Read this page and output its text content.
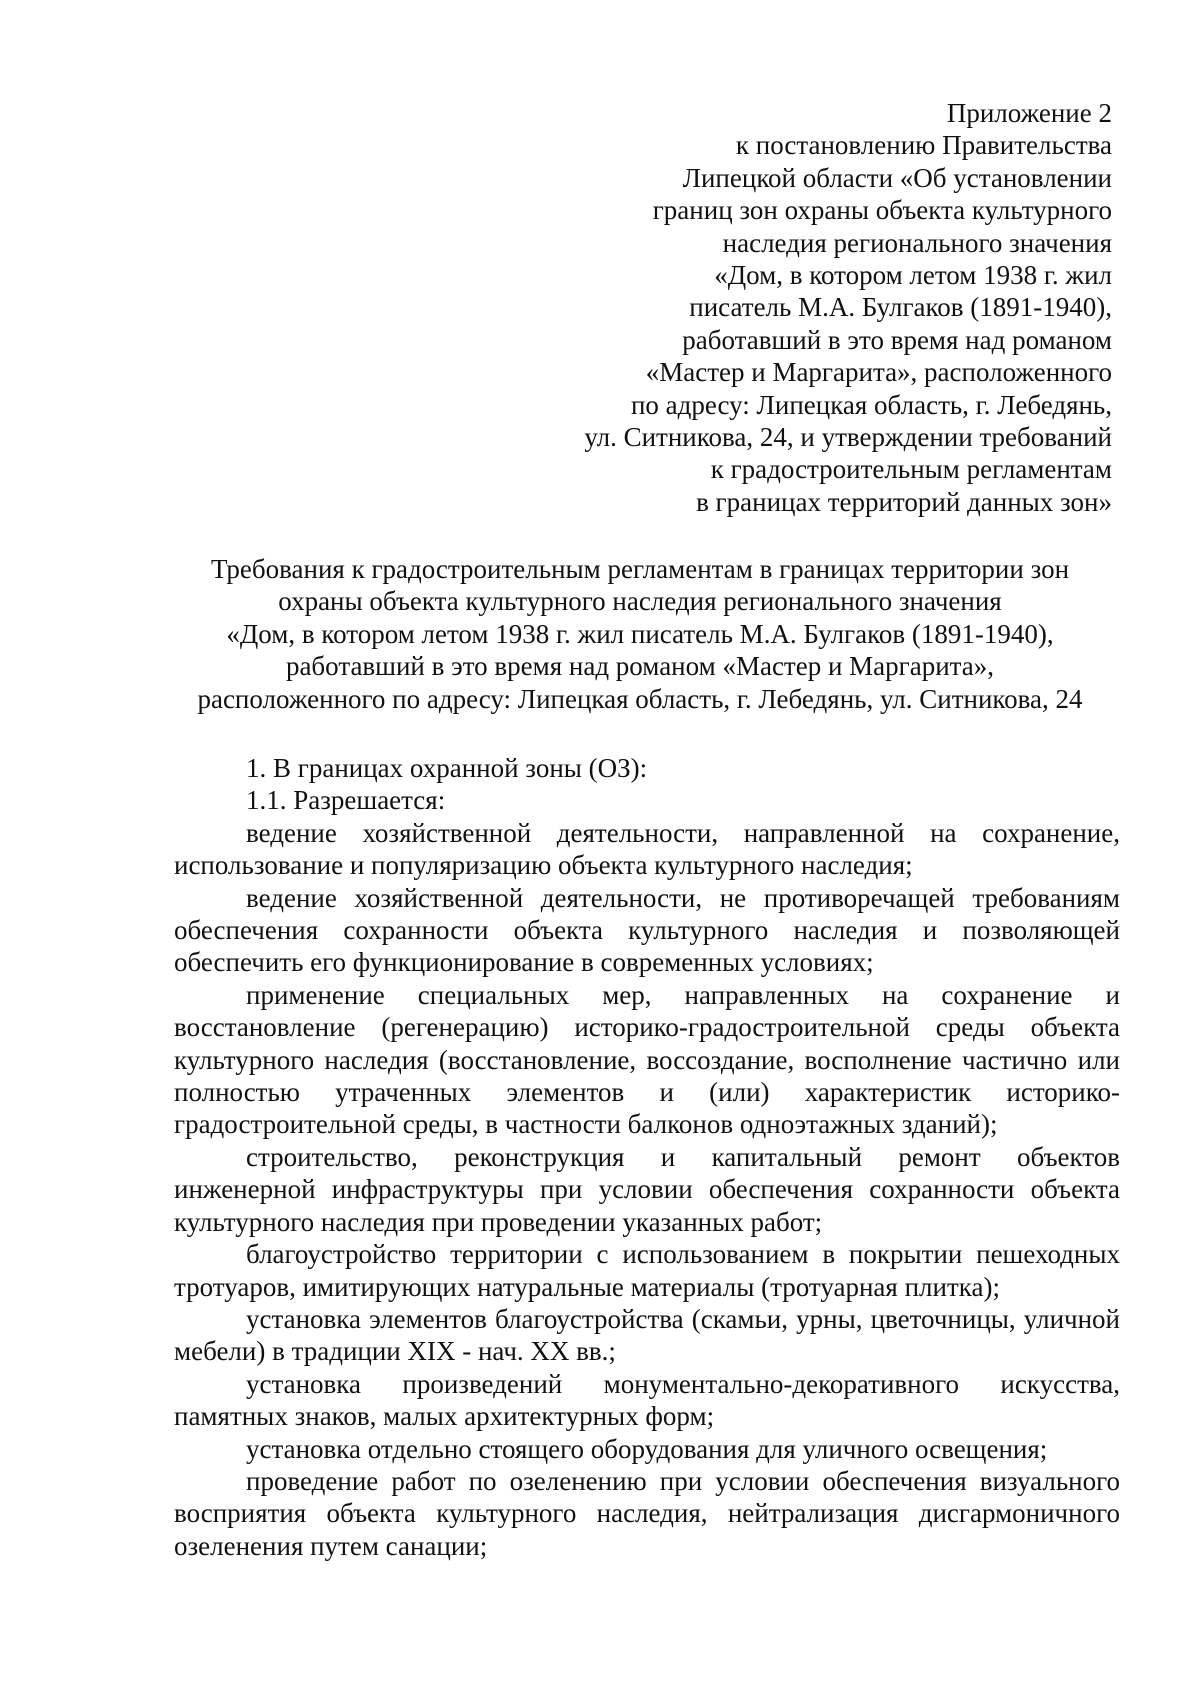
Приложение 2
к постановлению Правительства
Липецкой области «Об установлении
границ зон охраны объекта культурного
наследия регионального значения
«Дом, в котором летом 1938 г. жил
писатель М.А. Булгаков (1891-1940),
работавший в это время над романом
«Мастер и Маргарита», расположенного
по адресу: Липецкая область, г. Лебедянь,
ул. Ситникова, 24, и утверждении требований
к градостроительным регламентам
в границах территорий данных зон»
Требования к градостроительным регламентам в границах территории зон
охраны объекта культурного наследия регионального значения
«Дом, в котором летом 1938 г. жил писатель М.А. Булгаков (1891-1940),
работавший в это время над романом «Мастер и Маргарита»,
расположенного по адресу: Липецкая область, г. Лебедянь, ул. Ситникова, 24

1. В границах охранной зоны (ОЗ):

1.1. Разрешается:

ведение хозяйственной деятельности, направленной на сохранение, использование и популяризацию объекта культурного наследия;

ведение хозяйственной деятельности, не противоречащей требованиям обеспечения сохранности объекта культурного наследия и позволяющей обеспечить его функционирование в современных условиях;

применение специальных мер, направленных на сохранение и восстановление (регенерацию) историко-градостроительной среды объекта культурного наследия (восстановление, воссоздание, восполнение частично или полностью утраченных элементов и (или) характеристик историко-градостроительной среды, в частности балконов одноэтажных зданий);

строительство, реконструкция и капитальный ремонт объектов инженерной инфраструктуры при условии обеспечения сохранности объекта культурного наследия при проведении указанных работ;

благоустройство территории с использованием в покрытии пешеходных тротуаров, имитирующих натуральные материалы (тротуарная плитка);

установка элементов благоустройства (скамьи, урны, цветочницы, уличной мебели) в традиции XIX - нач. XX вв.;

установка произведений монументально-декоративного искусства, памятных знаков, малых архитектурных форм;

установка отдельно стоящего оборудования для уличного освещения;

проведение работ по озеленению при условии обеспечения визуального восприятия объекта культурного наследия, нейтрализация дисгармоничного озеленения путем санации;
